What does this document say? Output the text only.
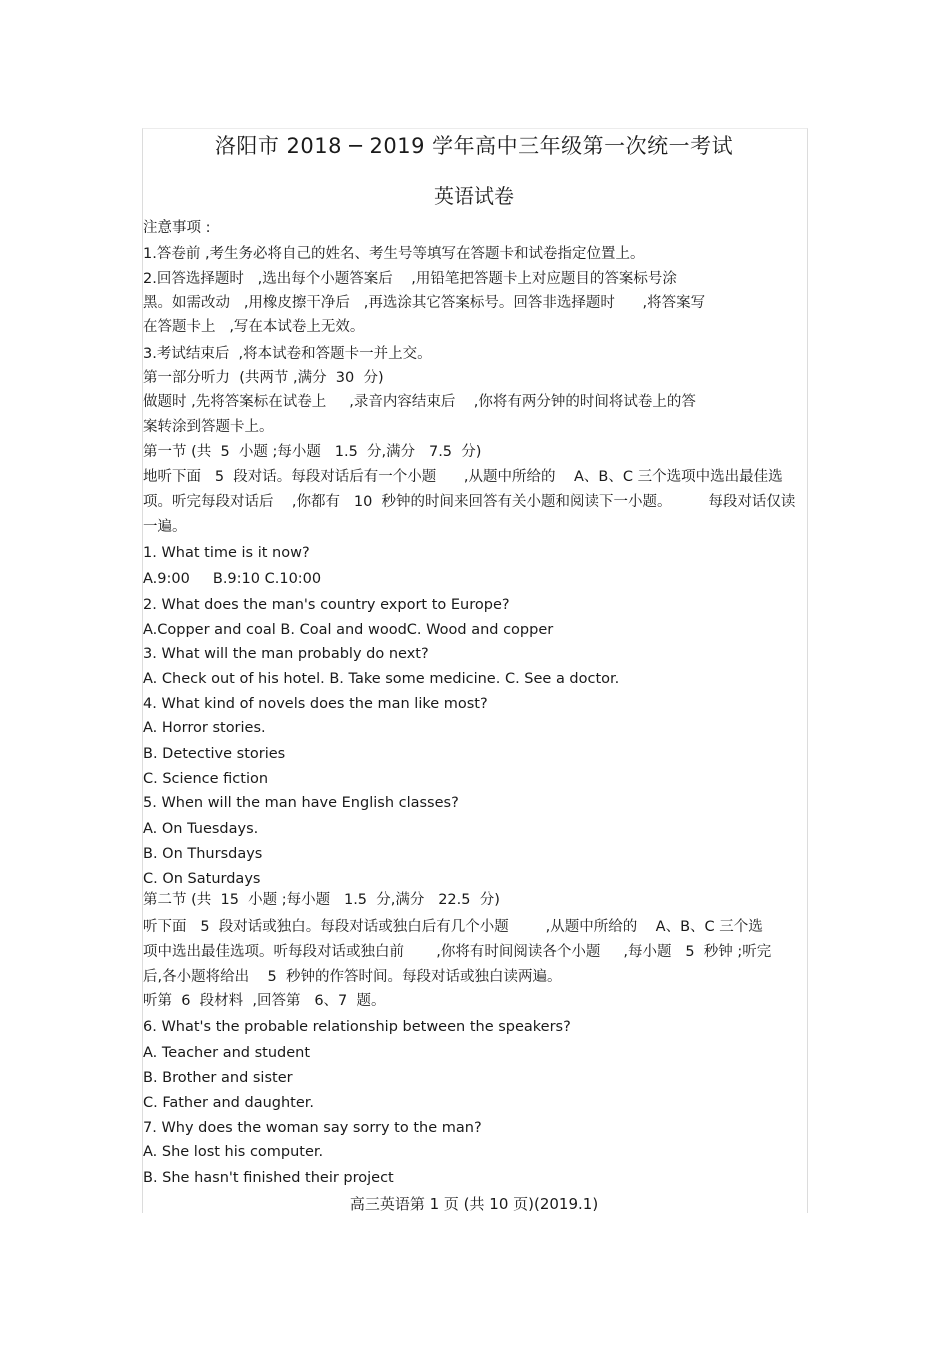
洛阳市 2018 ─ 2019 学年高中三年级第一次统一考试
英语试卷

注意事项 :

1.答卷前 ,考生务必将自己的姓名、考生号等填写在答题卡和试卷指定位置上。

2.回答选择题时   ,选出每个小题答案后    ,用铅笔把答题卡上对应题目的答案标号涂

黑。如需改动   ,用橡皮擦干净后   ,再选涂其它答案标号。回答非选择题时      ,将答案写

在答题卡上   ,写在本试卷上无效。

3.考试结束后  ,将本试卷和答题卡一并上交。

第一部分听力  (共两节 ,满分  30  分)

做题时 ,先将答案标在试卷上     ,录音内容结束后    ,你将有两分钟的时间将试卷上的答

案转涂到答题卡上。

第一节 (共  5  小题 ;每小题   1.5  分,满分   7.5  分)

地听下面   5  段对话。每段对话后有一个小题      ,从题中所给的    A、B、C 三个选项中选出最佳选

项。听完每段对话后    ,你都有   10  秒钟的时间来回答有关小题和阅读下一小题。        每段对话仅读

一遍。

1. What time is it now?

A.9:00     B.9:10 C.10:00

2. What does the man's country export to Europe?

A.Copper and coal B. Coal and woodC. Wood and copper

3. What will the man probably do next?

A. Check out of his hotel. B. Take some medicine. C. See a doctor.

4. What kind of novels does the man like most?

A. Horror stories.

B. Detective stories

C. Science fiction

5. When will the man have English classes?

A. On Tuesdays.

B. On Thursdays

C. On Saturdays

第二节 (共  15  小题 ;每小题   1.5  分,满分   22.5  分)

听下面   5  段对话或独白。每段对话或独白后有几个小题        ,从题中所给的    A、B、C 三个选

项中选出最佳选项。听每段对话或独白前       ,你将有时间阅读各个小题     ,每小题   5  秒钟 ;听完

后,各小题将给出    5  秒钟的作答时间。每段对话或独白读两遍。

听第  6  段材料  ,回答第   6、7  题。

6. What's the probable relationship between the speakers?

A. Teacher and student

B. Brother and sister

C. Father and daughter.

7. Why does the woman say sorry to the man?

A. She lost his computer.

B. She hasn't finished their project

高三英语第 1 页 (共 10 页)(2019.1)
